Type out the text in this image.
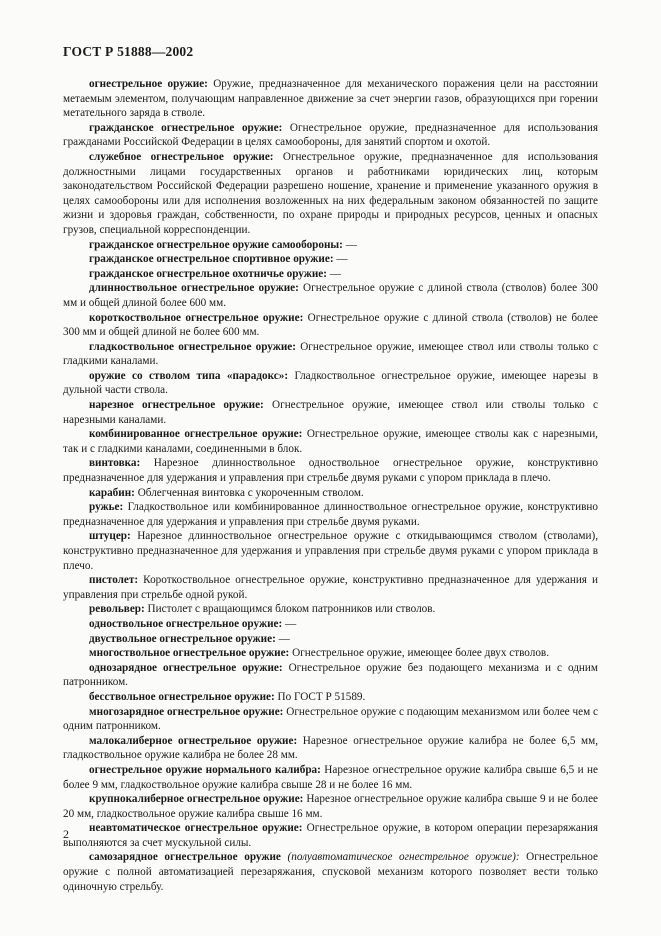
ГОСТ Р 51888—2002

огнестрельное оружие: Оружие, предназначенное для механического поражения цели на расстоянии метаемым элементом, получающим направленное движение за счет энергии газов, образующихся при горении метательного заряда в стволе.

гражданское огнестрельное оружие: Огнестрельное оружие, предназначенное для использования гражданами Российской Федерации в целях самообороны, для занятий спортом и охотой.

служебное огнестрельное оружие: Огнестрельное оружие, предназначенное для использования должностными лицами государственных органов и работниками юридических лиц, которым законодательством Российской Федерации разрешено ношение, хранение и применение указанного оружия в целях самообороны или для исполнения возложенных на них федеральным законом обязанностей по защите жизни и здоровья граждан, собственности, по охране природы и природных ресурсов, ценных и опасных грузов, специальной корреспонденции.

гражданское огнестрельное оружие самообороны: —

гражданское огнестрельное спортивное оружие: —

гражданское огнестрельное охотничье оружие: —

длинноствольное огнестрельное оружие: Огнестрельное оружие с длиной ствола (стволов) более 300 мм и общей длиной более 600 мм.

короткоствольное огнестрельное оружие: Огнестрельное оружие с длиной ствола (стволов) не более 300 мм и общей длиной не более 600 мм.

гладкоствольное огнестрельное оружие: Огнестрельное оружие, имеющее ствол или стволы только с гладкими каналами.

оружие со стволом типа «парадокс»: Гладкоствольное огнестрельное оружие, имеющее нарезы в дульной части ствола.

нарезное огнестрельное оружие: Огнестрельное оружие, имеющее ствол или стволы только с нарезными каналами.

комбинированное огнестрельное оружие: Огнестрельное оружие, имеющее стволы как с нарезными, так и с гладкими каналами, соединенными в блок.

винтовка: Нарезное длинноствольное одноствольное огнестрельное оружие, конструктивно предназначенное для удержания и управления при стрельбе двумя руками с упором приклада в плечо.

карабин: Облегченная винтовка с укороченным стволом.

ружье: Гладкоствольное или комбинированное длинноствольное огнестрельное оружие, конструктивно предназначенное для удержания и управления при стрельбе двумя руками.

штуцер: Нарезное длинноствольное огнестрельное оружие с откидывающимся стволом (стволами), конструктивно предназначенное для удержания и управления при стрельбе двумя руками с упором приклада в плечо.

пистолет: Короткоствольное огнестрельное оружие, конструктивно предназначенное для удержания и управления при стрельбе одной рукой.

револьвер: Пистолет с вращающимся блоком патронников или стволов.

одноствольное огнестрельное оружие: —

двуствольное огнестрельное оружие: —

многоствольное огнестрельное оружие: Огнестрельное оружие, имеющее более двух стволов.

однозарядное огнестрельное оружие: Огнестрельное оружие без подающего механизма и с одним патронником.

бесствольное огнестрельное оружие: По ГОСТ Р 51589.

многозарядное огнестрельное оружие: Огнестрельное оружие с подающим механизмом или более чем с одним патронником.

малокалиберное огнестрельное оружие: Нарезное огнестрельное оружие калибра не более 6,5 мм, гладкоствольное оружие калибра не более 28 мм.

огнестрельное оружие нормального калибра: Нарезное огнестрельное оружие калибра свыше 6,5 и не более 9 мм, гладкоствольное оружие калибра свыше 28 и не более 16 мм.

крупнокалиберное огнестрельное оружие: Нарезное огнестрельное оружие калибра свыше 9 и не более 20 мм, гладкоствольное оружие калибра свыше 16 мм.

неавтоматическое огнестрельное оружие: Огнестрельное оружие, в котором операции перезаряжания выполняются за счет мускульной силы.

самозарядное огнестрельное оружие (полуавтоматическое огнестрельное оружие): Огнестрельное оружие с полной автоматизацией перезаряжания, спусковой механизм которого позволяет вести только одиночную стрельбу.

2
